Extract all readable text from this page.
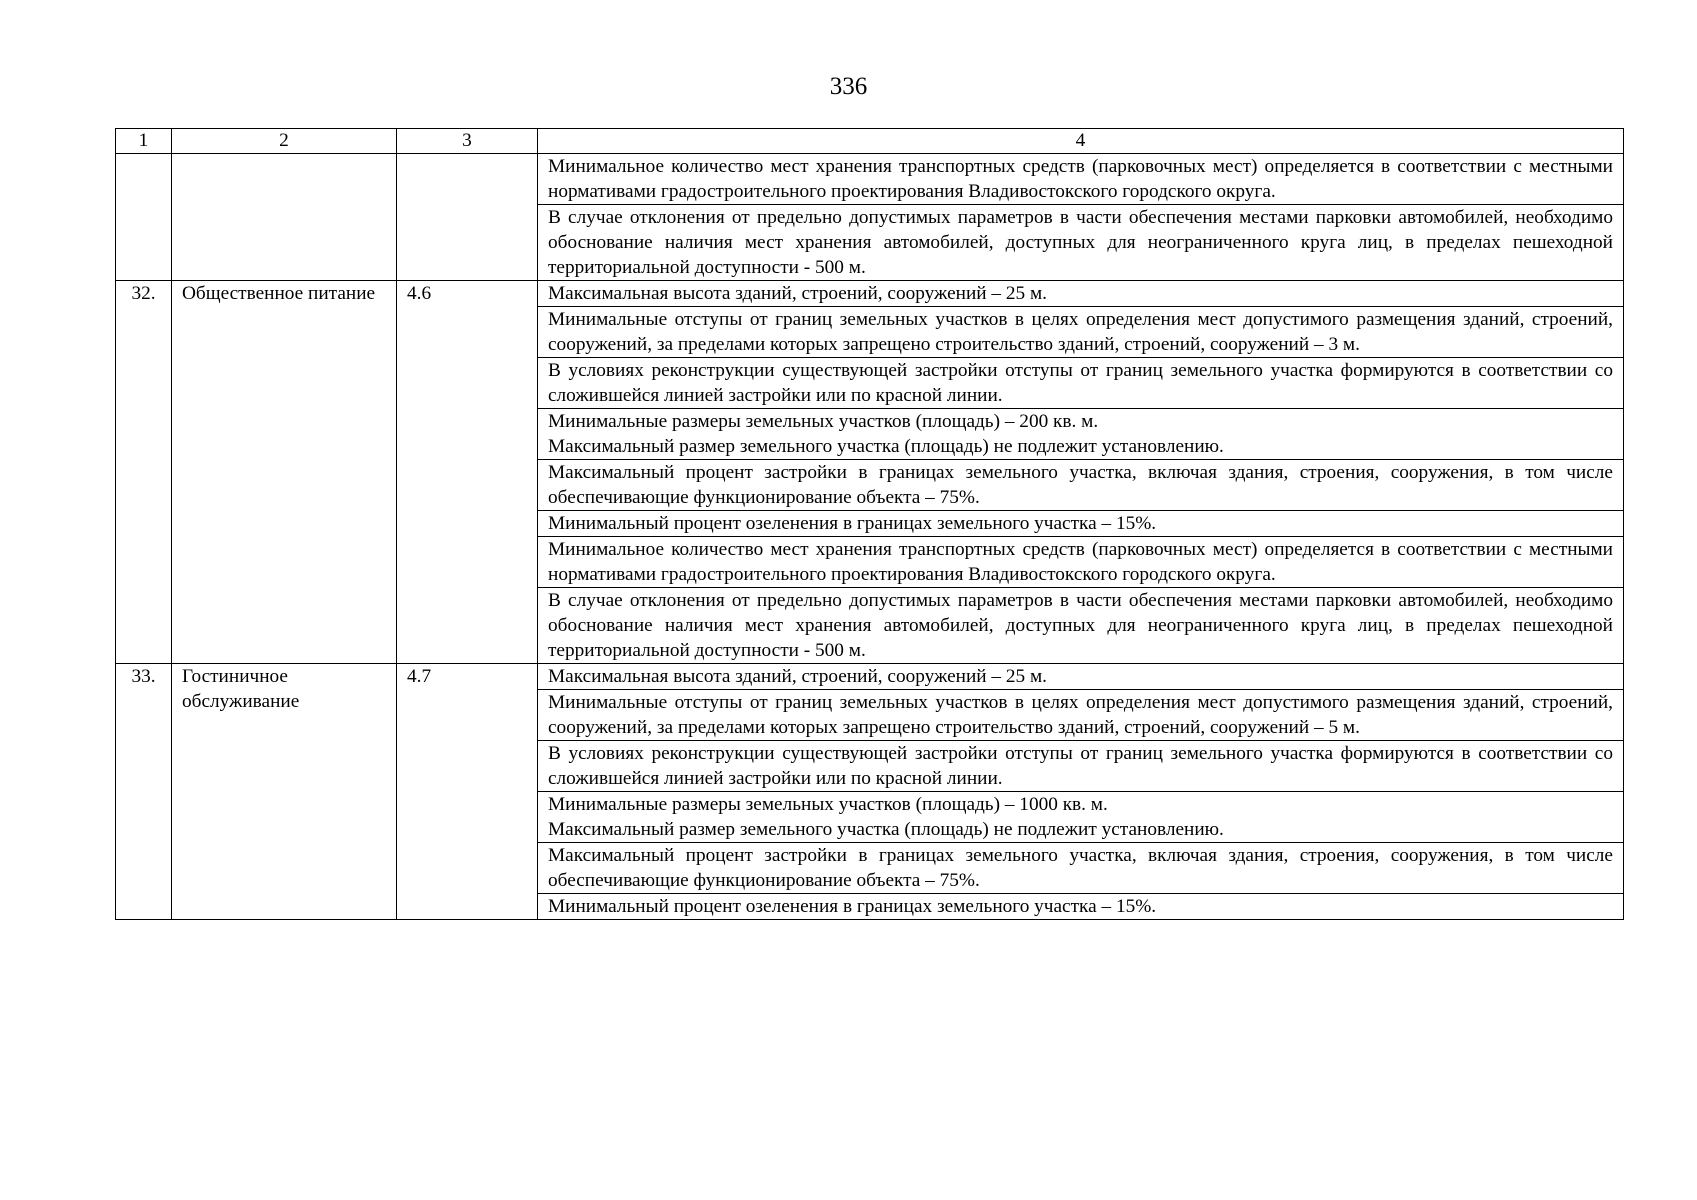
336
1	2	3	4

			Минимальное количество мест хранения транспортных средств (парковочных мест) определяется в соответствии с местными нормативами градостроительного проектирования Владивостокского городского округа.

			В случае отклонения от предельно допустимых параметров в части обеспечения местами парковки автомобилей, необходимо обоснование наличия мест хранения автомобилей, доступных для неограниченного круга лиц, в пределах пешеходной территориальной доступности - 500 м.

32.	Общественное питание	4.6	Максимальная высота зданий, строений, сооружений – 25 м.

			Минимальные отступы от границ земельных участков в целях определения мест допустимого размещения зданий, строений, сооружений, за пределами которых запрещено строительство зданий, строений, сооружений – 3 м.

			В условиях реконструкции существующей застройки отступы от границ земельного участка формируются в соответствии со сложившейся линией застройки или по красной линии.

			Минимальные размеры земельных участков (площадь) – 200 кв. м.
Максимальный размер земельного участка (площадь) не подлежит установлению.

			Максимальный процент застройки в границах земельного участка, включая здания, строения, сооружения, в том числе обеспечивающие функционирование объекта – 75%.

			Минимальный процент озеленения в границах земельного участка – 15%.

			Минимальное количество мест хранения транспортных средств (парковочных мест) определяется в соответствии с местными нормативами градостроительного проектирования Владивостокского городского округа.

			В случае отклонения от предельно допустимых параметров в части обеспечения местами парковки автомобилей, необходимо обоснование наличия мест хранения автомобилей, доступных для неограниченного круга лиц, в пределах пешеходной территориальной доступности - 500 м.

33.	Гостиничное обслуживание	4.7	Максимальная высота зданий, строений, сооружений – 25 м.

			Минимальные отступы от границ земельных участков в целях определения мест допустимого размещения зданий, строений, сооружений, за пределами которых запрещено строительство зданий, строений, сооружений – 5 м.

			В условиях реконструкции существующей застройки отступы от границ земельного участка формируются в соответствии со сложившейся линией застройки или по красной линии.

			Минимальные размеры земельных участков (площадь) – 1000 кв. м.
Максимальный размер земельного участка (площадь) не подлежит установлению.

			Максимальный процент застройки в границах земельного участка, включая здания, строения, сооружения, в том числе обеспечивающие функционирование объекта – 75%.

			Минимальный процент озеленения в границах земельного участка – 15%.
